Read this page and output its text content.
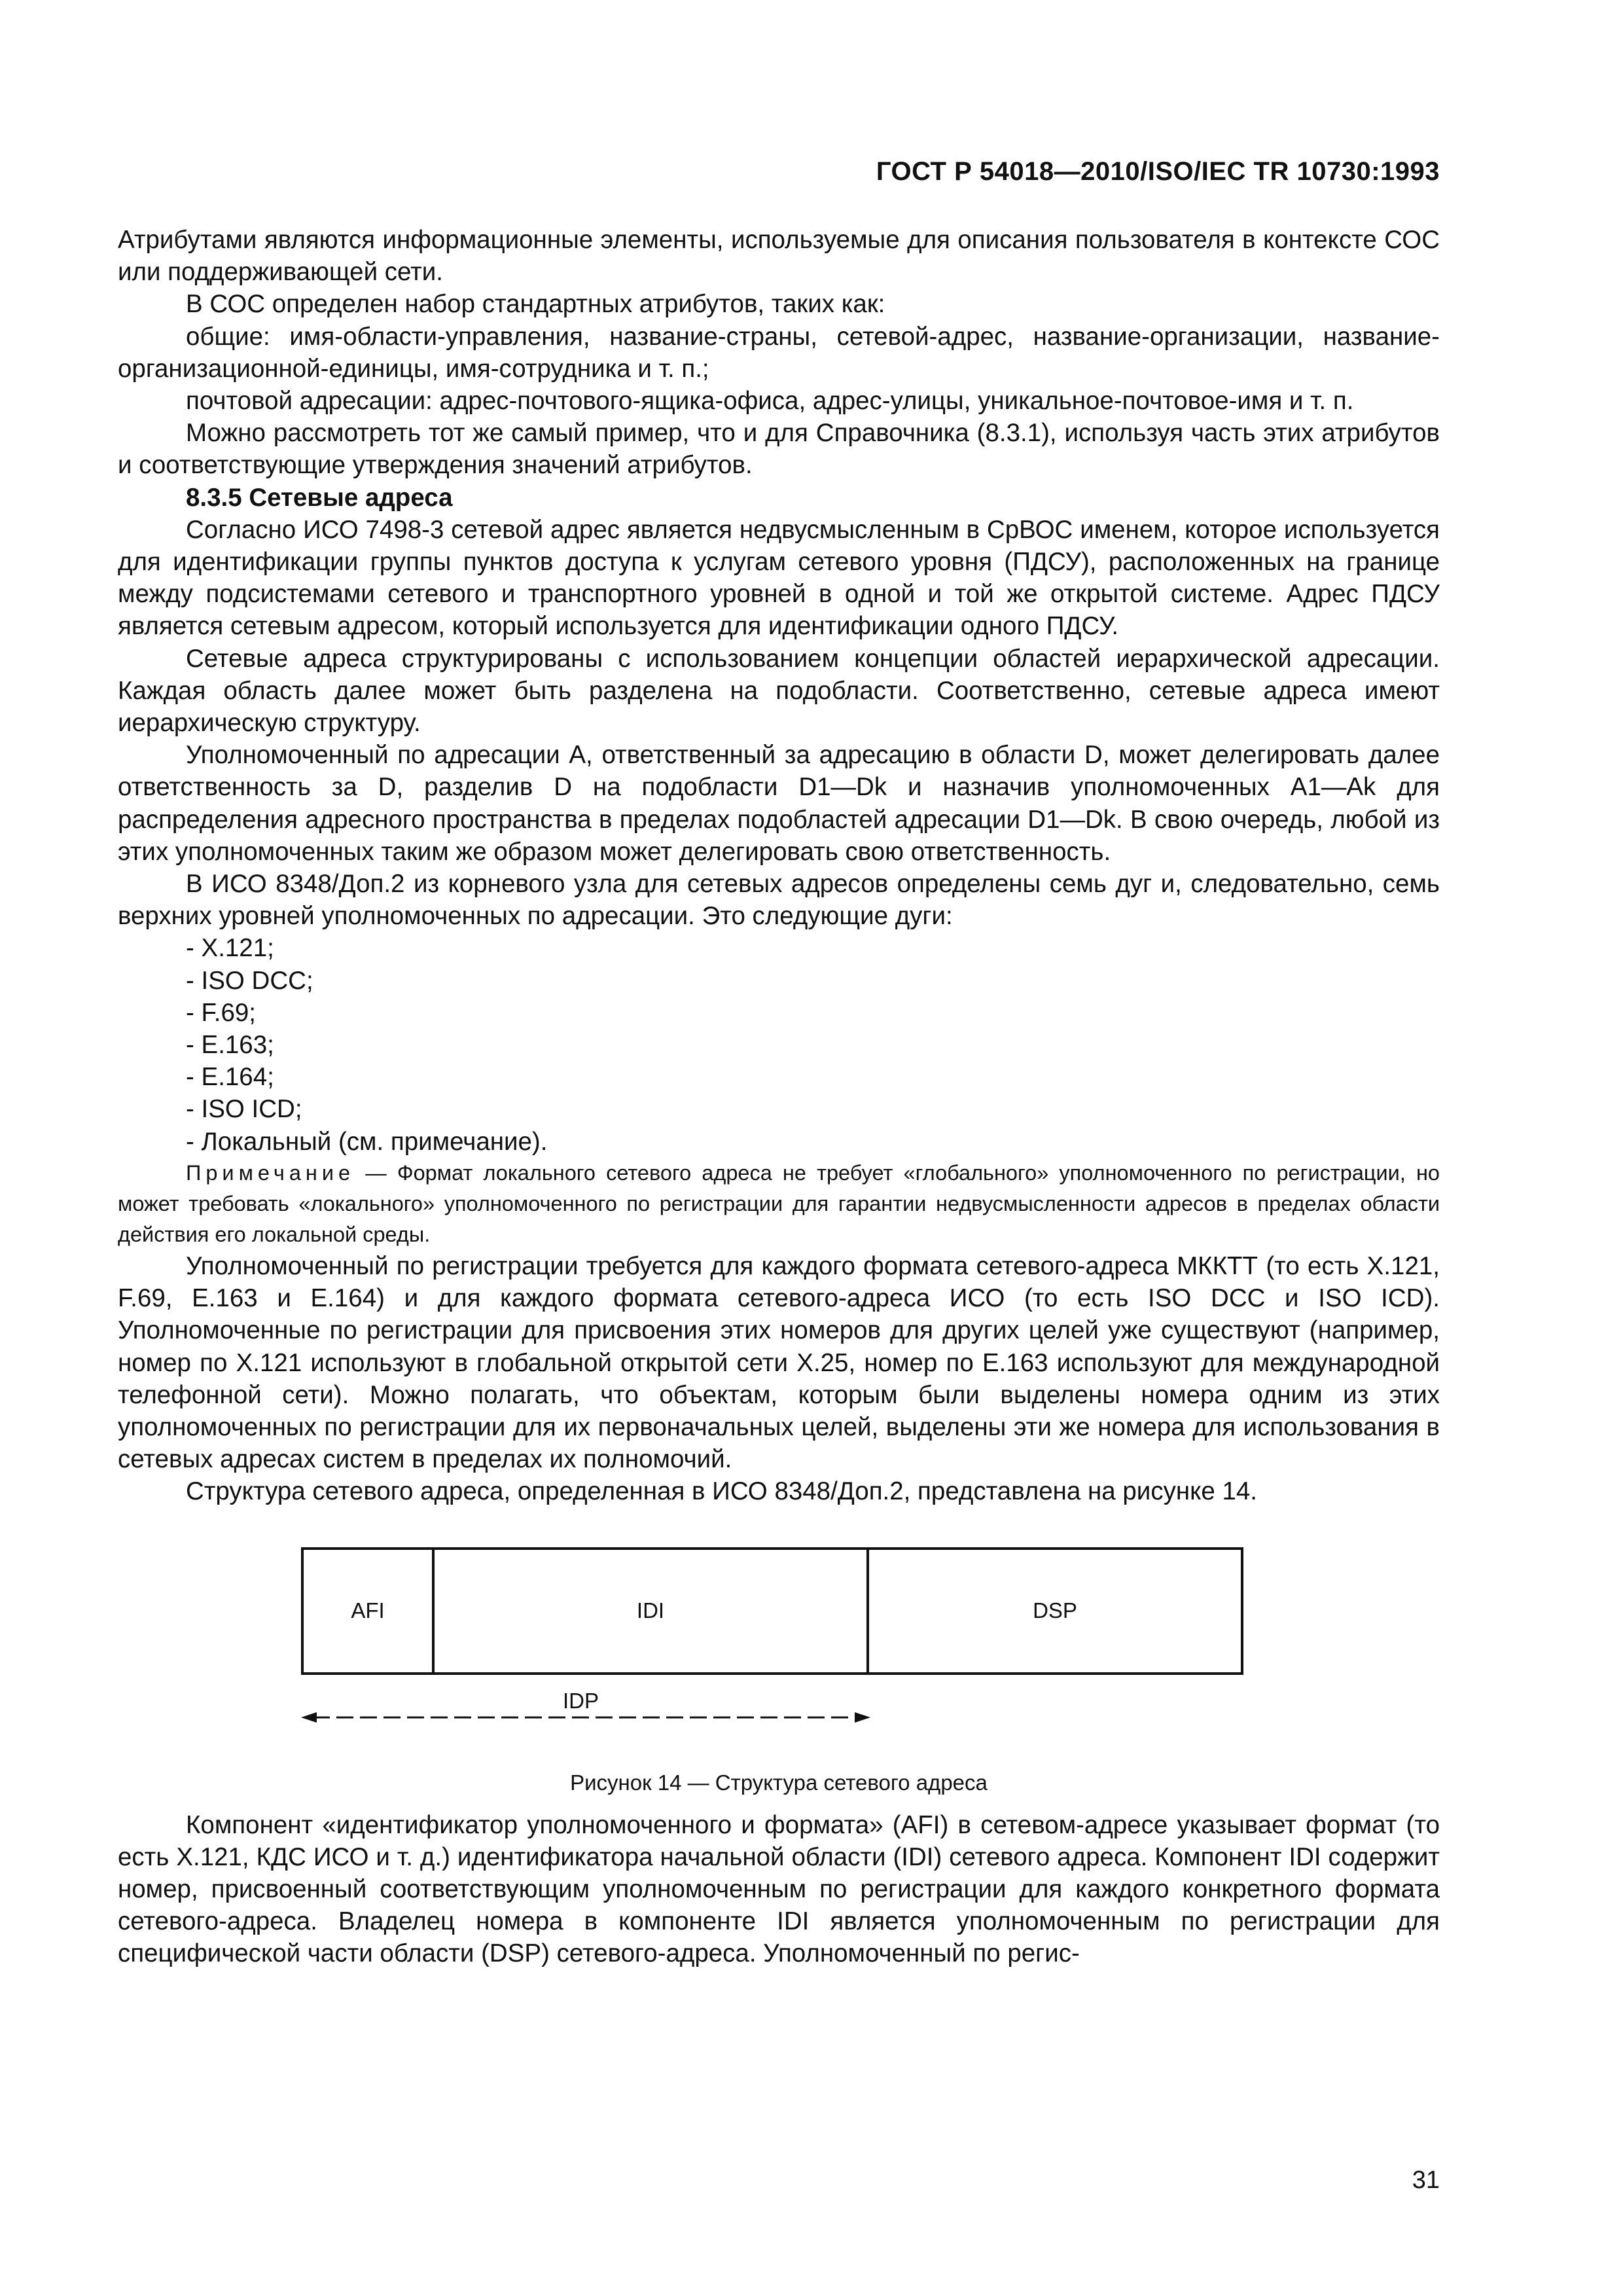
ГОСТ Р 54018—2010/ISO/IEC TR 10730:1993

Атрибутами являются информационные элементы, используемые для описания пользователя в контексте СОС или поддерживающей сети.

В СОС определен набор стандартных атрибутов, таких как:

общие: имя-области-управления, название-страны, сетевой-адрес, название-организации, название-организационной-единицы, имя-сотрудника и т. п.;

почтовой адресации: адрес-почтового-ящика-офиса, адрес-улицы, уникальное-почтовое-имя и т. п.

Можно рассмотреть тот же самый пример, что и для Справочника (8.3.1), используя часть этих атрибутов и соответствующие утверждения значений атрибутов.

8.3.5 Сетевые адреса

Согласно ИСО 7498-3 сетевой адрес является недвусмысленным в СрВОС именем, которое используется для идентификации группы пунктов доступа к услугам сетевого уровня (ПДСУ), расположенных на границе между подсистемами сетевого и транспортного уровней в одной и той же открытой системе. Адрес ПДСУ является сетевым адресом, который используется для идентификации одного ПДСУ.

Сетевые адреса структурированы с использованием концепции областей иерархической адресации. Каждая область далее может быть разделена на подобласти. Соответственно, сетевые адреса имеют иерархическую структуру.

Уполномоченный по адресации А, ответственный за адресацию в области D, может делегировать далее ответственность за D, разделив D на подобласти D1—Dk и назначив уполномоченных A1—Ak для распределения адресного пространства в пределах подобластей адресации D1—Dk. В свою очередь, любой из этих уполномоченных таким же образом может делегировать свою ответственность.

В ИСО 8348/Доп.2 из корневого узла для сетевых адресов определены семь дуг и, следовательно, семь верхних уровней уполномоченных по адресации. Это следующие дуги:

- X.121;
- ISO DCC;
- F.69;
- E.163;
- E.164;
- ISO ICD;
- Локальный (см. примечание).

Примечание — Формат локального сетевого адреса не требует «глобального» уполномоченного по регистрации, но может требовать «локального» уполномоченного по регистрации для гарантии недвусмысленности адресов в пределах области действия его локальной среды.

Уполномоченный по регистрации требуется для каждого формата сетевого-адреса МККТТ (то есть X.121, F.69, E.163 и E.164) и для каждого формата сетевого-адреса ИСО (то есть ISO DCC и ISO ICD). Уполномоченные по регистрации для присвоения этих номеров для других целей уже существуют (например, номер по X.121 используют в глобальной открытой сети X.25, номер по E.163 используют для международной телефонной сети). Можно полагать, что объектам, которым были выделены номера одним из этих уполномоченных по регистрации для их первоначальных целей, выделены эти же номера для использования в сетевых адресах систем в пределах их полномочий.

Структура сетевого адреса, определенная в ИСО 8348/Доп.2, представлена на рисунке 14.

AFI	IDI	DSP
IDP
Рисунок 14 — Структура сетевого адреса

Компонент «идентификатор уполномоченного и формата» (AFI) в сетевом-адресе указывает формат (то есть X.121, КДС ИСО и т. д.) идентификатора начальной области (IDI) сетевого адреса. Компонент IDI содержит номер, присвоенный соответствующим уполномоченным по регистрации для каждого конкретного формата сетевого-адреса. Владелец номера в компоненте IDI является уполномоченным по регистрации для специфической части области (DSP) сетевого-адреса. Уполномоченный по регис-

31
